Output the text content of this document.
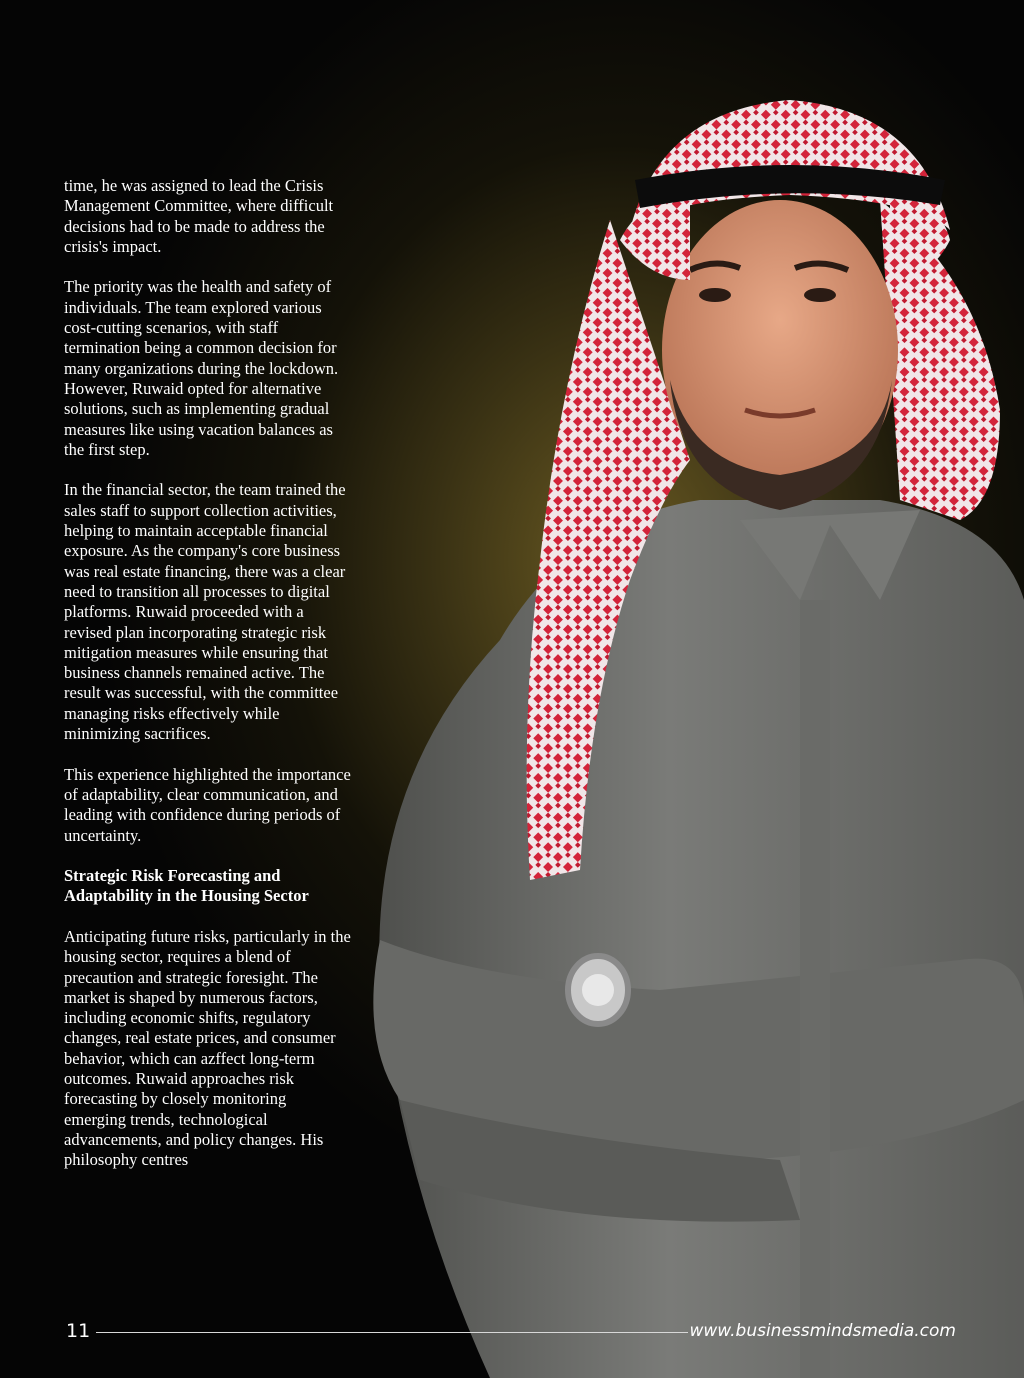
time, he was assigned to lead the Crisis Management Committee, where difficult decisions had to be made to address the crisis's impact.

The priority was the health and safety of individuals. The team explored various cost-cutting scenarios, with staff termination being a common decision for many organizations during the lockdown. However, Ruwaid opted for alternative solutions, such as implementing gradual measures like using vacation balances as the first step.

In the financial sector, the team trained the sales staff to support collection activities, helping to maintain acceptable financial exposure. As the company's core business was real estate financing, there was a clear need to transition all processes to digital platforms. Ruwaid proceeded with a revised plan incorporating strategic risk mitigation measures while ensuring that business channels remained active. The result was successful, with the committee managing risks effectively while minimizing sacrifices.

This experience highlighted the importance of adaptability, clear communication, and leading with confidence during periods of uncertainty.

Strategic Risk Forecasting and Adaptability in the Housing Sector

Anticipating future risks, particularly in the housing sector, requires a blend of precaution and strategic foresight. The market is shaped by numerous factors, including economic shifts, regulatory changes, real estate prices, and consumer behavior, which can azffect long-term outcomes. Ruwaid approaches risk forecasting by closely monitoring emerging trends, technological advancements, and policy changes. His philosophy centres

11	www.businessmindsmedia.com
